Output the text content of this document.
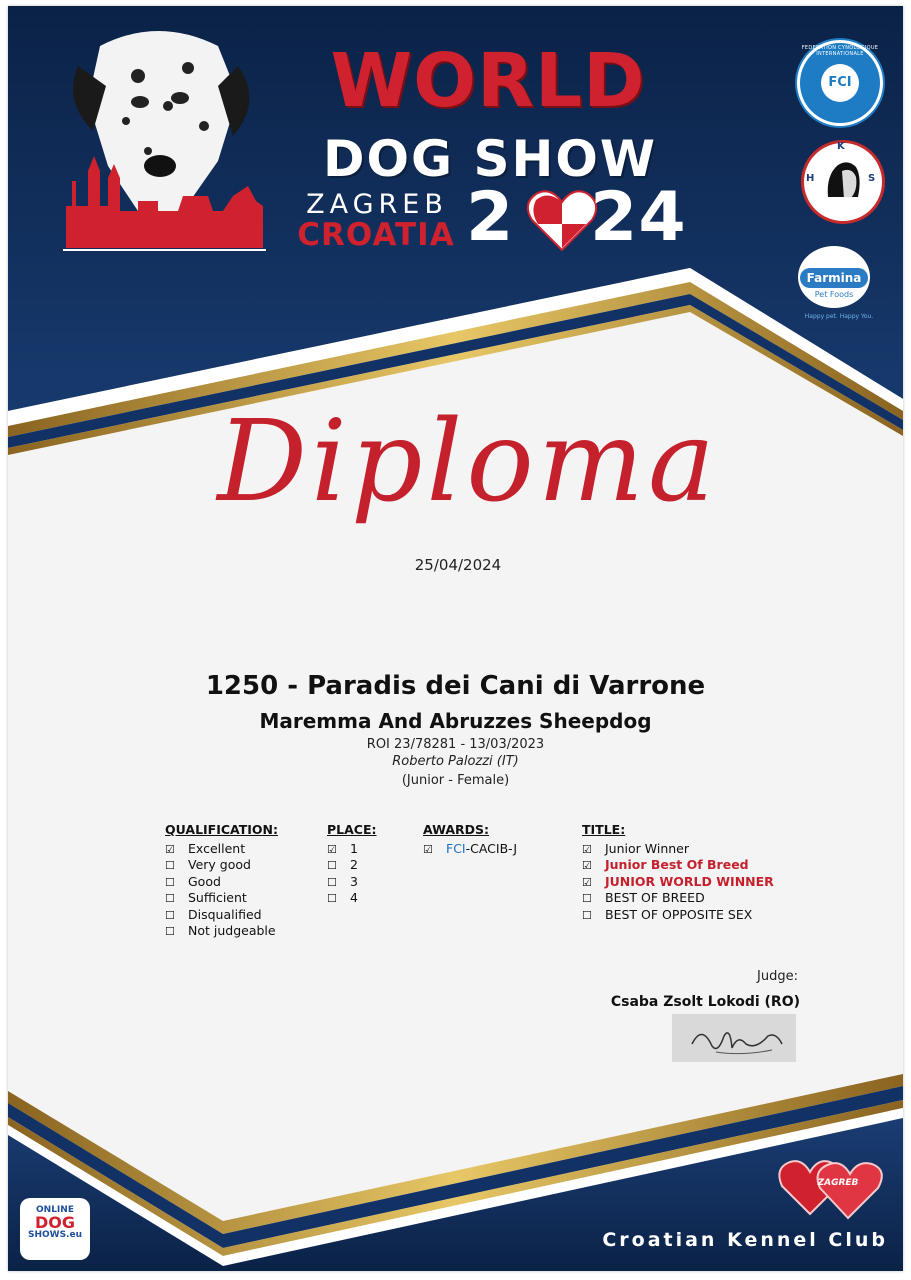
WORLD
DOG SHOW
ZAGREB
CROATIA 2 24
FEDERATION CYNOLOGIQUE INTERNATIONALE
FCI
K
H	S
Farmina
Pet Foods
Happy pet. Happy You.
Diploma
25/04/2024
1250 - Paradis dei Cani di Varrone
Maremma And Abruzzes Sheepdog
ROI 23/78281 - 13/03/2023
Roberto Palozzi (IT)
(Junior - Female)
QUALIFICATION:
☑ Excellent
☐ Very good
☐ Good
☐ Sufficient
☐ Disqualified
☐ Not judgeable
PLACE:
☑ 1
☐ 2
☐ 3
☐ 4
AWARDS:
☑ FCI-CACIB-J
TITLE:
☑ Junior Winner
☑ Junior Best Of Breed
☑ JUNIOR WORLD WINNER
☐ BEST OF BREED
☐ BEST OF OPPOSITE SEX
Judge:
Csaba Zsolt Lokodi (RO)
ONLINE
DOG
SHOWS.eu
ZAGREB
Croatian Kennel Club
